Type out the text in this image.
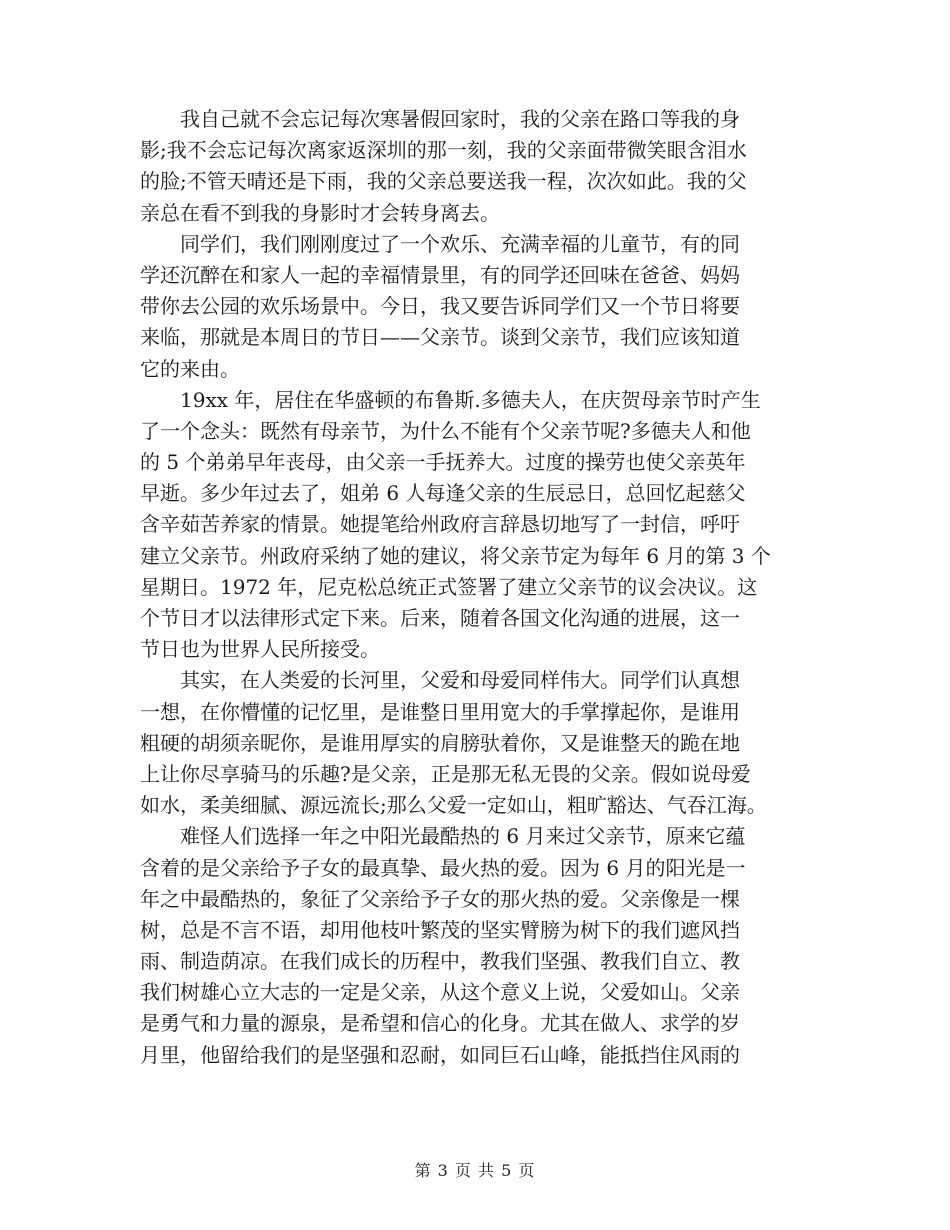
　　我自己就不会忘记每次寒暑假回家时，我的父亲在路口等我的身
影;我不会忘记每次离家返深圳的那一刻，我的父亲面带微笑眼含泪水
的脸;不管天晴还是下雨，我的父亲总要送我一程，次次如此。我的父
亲总在看不到我的身影时才会转身离去。

　　同学们，我们刚刚度过了一个欢乐、充满幸福的儿童节，有的同
学还沉醉在和家人一起的幸福情景里，有的同学还回味在爸爸、妈妈
带你去公园的欢乐场景中。今日，我又要告诉同学们又一个节日将要
来临，那就是本周日的节日——父亲节。谈到父亲节，我们应该知道
它的来由。

　　19xx 年，居住在华盛顿的布鲁斯.多德夫人，在庆贺母亲节时产生
了一个念头：既然有母亲节，为什么不能有个父亲节呢?多德夫人和他
的 5 个弟弟早年丧母，由父亲一手抚养大。过度的操劳也使父亲英年
早逝。多少年过去了，姐弟 6 人每逢父亲的生辰忌日，总回忆起慈父
含辛茹苦养家的情景。她提笔给州政府言辞恳切地写了一封信，呼吁
建立父亲节。州政府采纳了她的建议，将父亲节定为每年 6 月的第 3 个
星期日。1972 年，尼克松总统正式签署了建立父亲节的议会决议。这
个节日才以法律形式定下来。后来，随着各国文化沟通的进展，这一
节日也为世界人民所接受。

　　其实，在人类爱的长河里，父爱和母爱同样伟大。同学们认真想
一想，在你懵懂的记忆里，是谁整日里用宽大的手掌撑起你，是谁用
粗硬的胡须亲昵你，是谁用厚实的肩膀驮着你，又是谁整天的跪在地
上让你尽享骑马的乐趣?是父亲，正是那无私无畏的父亲。假如说母爱
如水，柔美细腻、源远流长;那么父爱一定如山，粗旷豁达、气吞江海。

　　难怪人们选择一年之中阳光最酷热的 6 月来过父亲节，原来它蕴
含着的是父亲给予子女的最真挚、最火热的爱。因为 6 月的阳光是一
年之中最酷热的，象征了父亲给予子女的那火热的爱。父亲像是一棵
树，总是不言不语，却用他枝叶繁茂的坚实臂膀为树下的我们遮风挡
雨、制造荫凉。在我们成长的历程中，教我们坚强、教我们自立、教
我们树雄心立大志的一定是父亲，从这个意义上说，父爱如山。父亲
是勇气和力量的源泉，是希望和信心的化身。尤其在做人、求学的岁
月里，他留给我们的是坚强和忍耐，如同巨石山峰，能抵挡住风雨的

第 3 页 共 5 页
